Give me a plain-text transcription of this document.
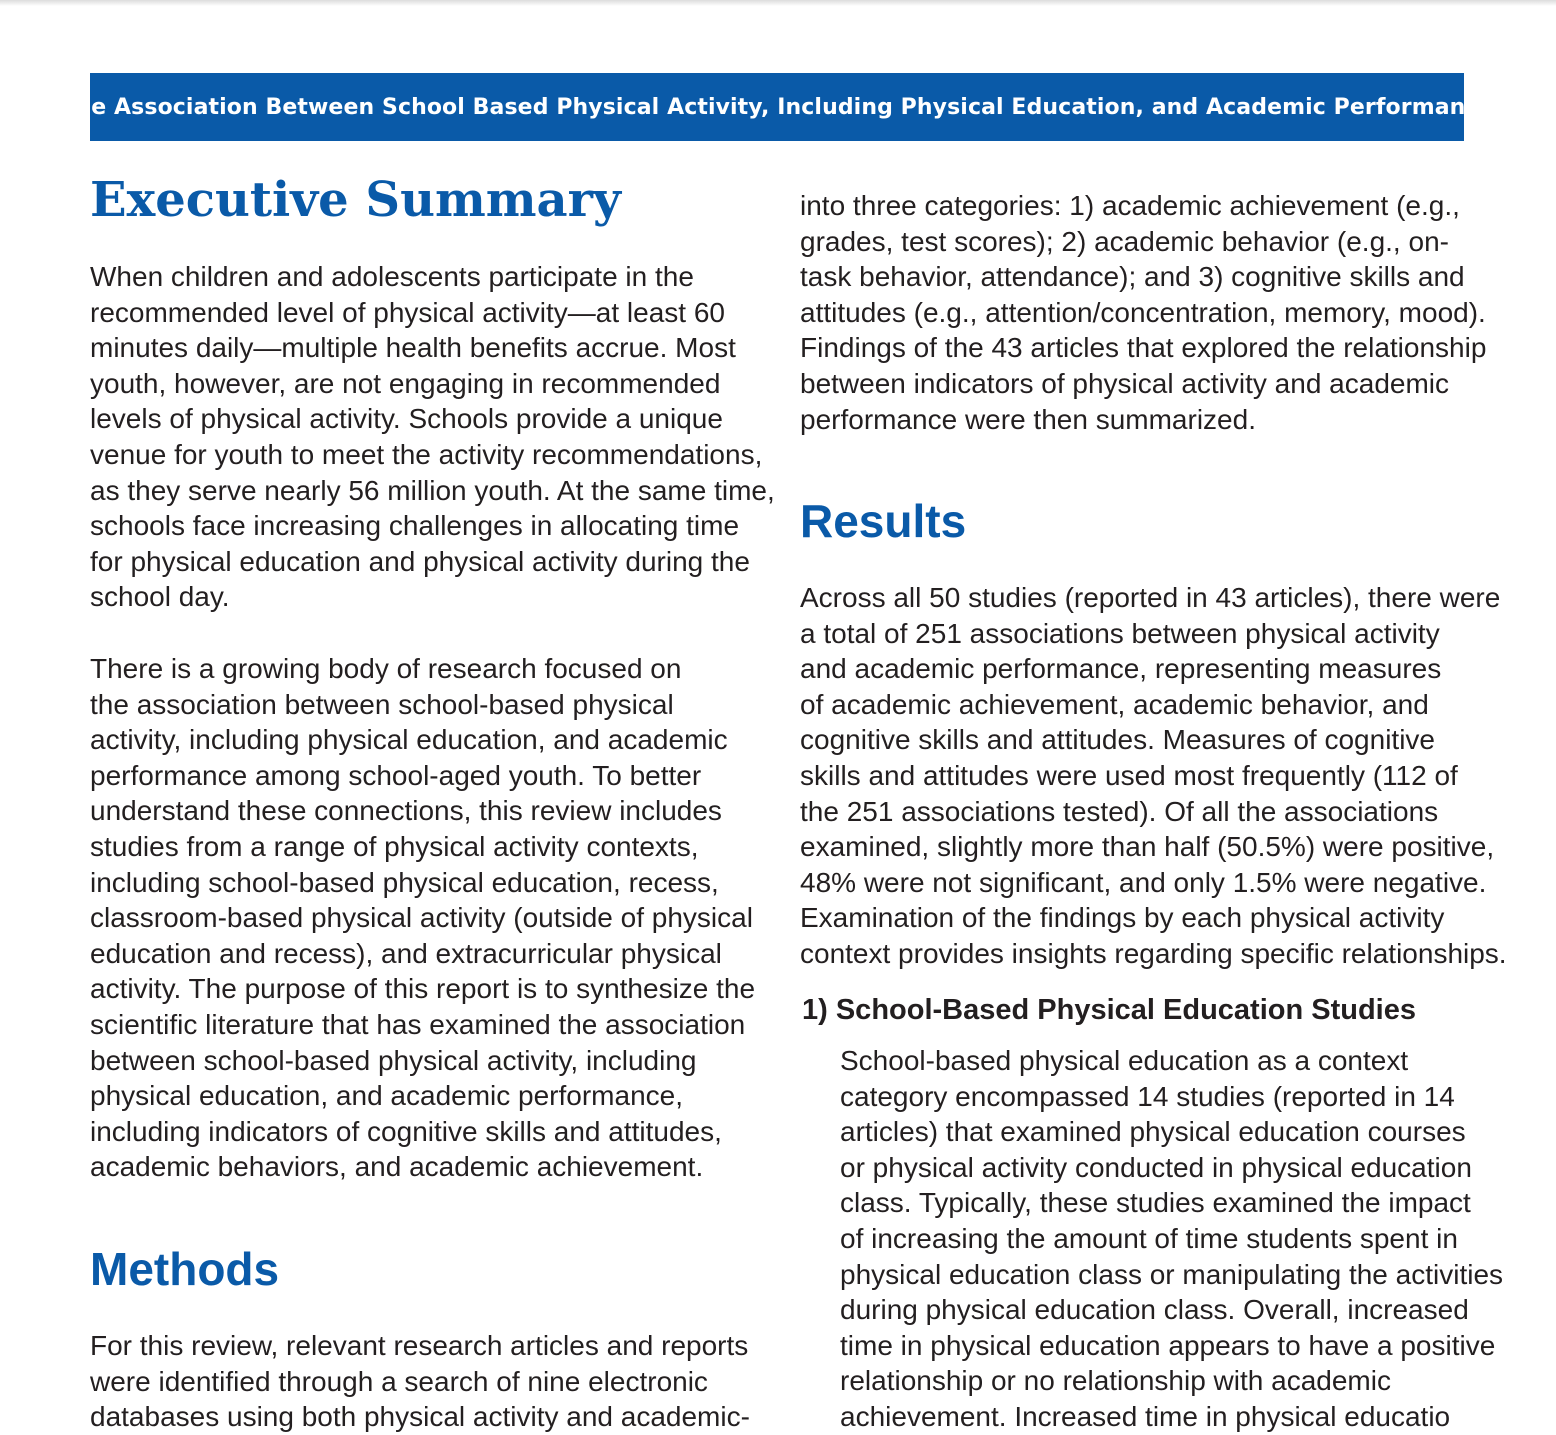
The Association Between School Based Physical Activity, Including Physical Education, and Academic Performance
Executive Summary
When children and adolescents participate in the
recommended level of physical activity—at least 60
minutes daily—multiple health benefits accrue. Most
youth, however, are not engaging in recommended
levels of physical activity. Schools provide a unique
venue for youth to meet the activity recommendations,
as they serve nearly 56 million youth. At the same time,
schools face increasing challenges in allocating time
for physical education and physical activity during the
school day.
There is a growing body of research focused on
the association between school-based physical
activity, including physical education, and academic
performance among school-aged youth. To better
understand these connections, this review includes
studies from a range of physical activity contexts,
including school-based physical education, recess,
classroom-based physical activity (outside of physical
education and recess), and extracurricular physical
activity. The purpose of this report is to synthesize the
scientific literature that has examined the association
between school-based physical activity, including
physical education, and academic performance,
including indicators of cognitive skills and attitudes,
academic behaviors, and academic achievement.
Methods
For this review, relevant research articles and reports
were identified through a search of nine electronic
databases using both physical activity and academic-
into three categories: 1) academic achievement (e.g.,
grades, test scores); 2) academic behavior (e.g., on-
task behavior, attendance); and 3) cognitive skills and
attitudes (e.g., attention/concentration, memory, mood).
Findings of the 43 articles that explored the relationship
between indicators of physical activity and academic
performance were then summarized.
Results
Across all 50 studies (reported in 43 articles), there were
a total of 251 associations between physical activity
and academic performance, representing measures
of academic achievement, academic behavior, and
cognitive skills and attitudes. Measures of cognitive
skills and attitudes were used most frequently (112 of
the 251 associations tested). Of all the associations
examined, slightly more than half (50.5%) were positive,
48% were not significant, and only 1.5% were negative.
Examination of the findings by each physical activity
context provides insights regarding specific relationships.
1) School-Based Physical Education Studies
School-based physical education as a context
category encompassed 14 studies (reported in 14
articles) that examined physical education courses
or physical activity conducted in physical education
class. Typically, these studies examined the impact
of increasing the amount of time students spent in
physical education class or manipulating the activities
during physical education class. Overall, increased
time in physical education appears to have a positive
relationship or no relationship with academic
achievement. Increased time in physical educatio
